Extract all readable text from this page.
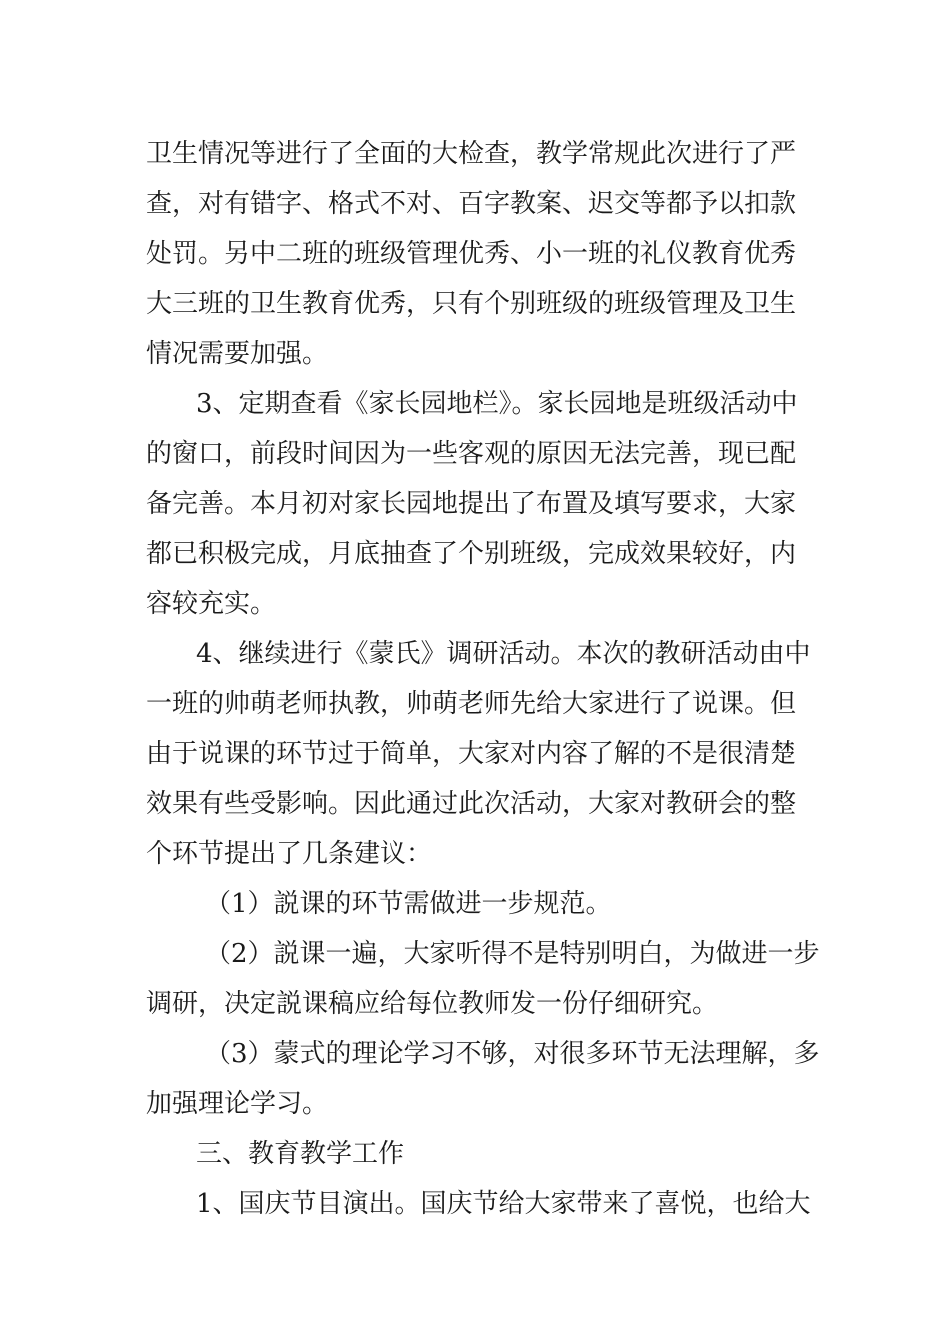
卫生情况等进行了全面的大检查，教学常规此次进行了严
查，对有错字、格式不对、百字教案、迟交等都予以扣款
处罚。另中二班的班级管理优秀、小一班的礼仪教育优秀
大三班的卫生教育优秀，只有个别班级的班级管理及卫生
情况需要加强。
3、定期查看《家长园地栏》。家长园地是班级活动中
的窗口，前段时间因为一些客观的原因无法完善，现已配
备完善。本月初对家长园地提出了布置及填写要求，大家
都已积极完成，月底抽查了个别班级，完成效果较好，内
容较充实。
4、继续进行《蒙氏》调研活动。本次的教研活动由中
一班的帅萌老师执教，帅萌老师先给大家进行了说课。但
由于说课的环节过于简单，大家对内容了解的不是很清楚
效果有些受影响。因此通过此次活动，大家对教研会的整
个环节提出了几条建议：
（1）説课的环节需做进一步规范。
（2）説课一遍，大家听得不是特别明白，为做进一步
调研，决定説课稿应给每位教师发一份仔细研究。
（3）蒙式的理论学习不够，对很多环节无法理解，多
加强理论学习。
三、教育教学工作
1、国庆节目演出。国庆节给大家带来了喜悦，也给大
